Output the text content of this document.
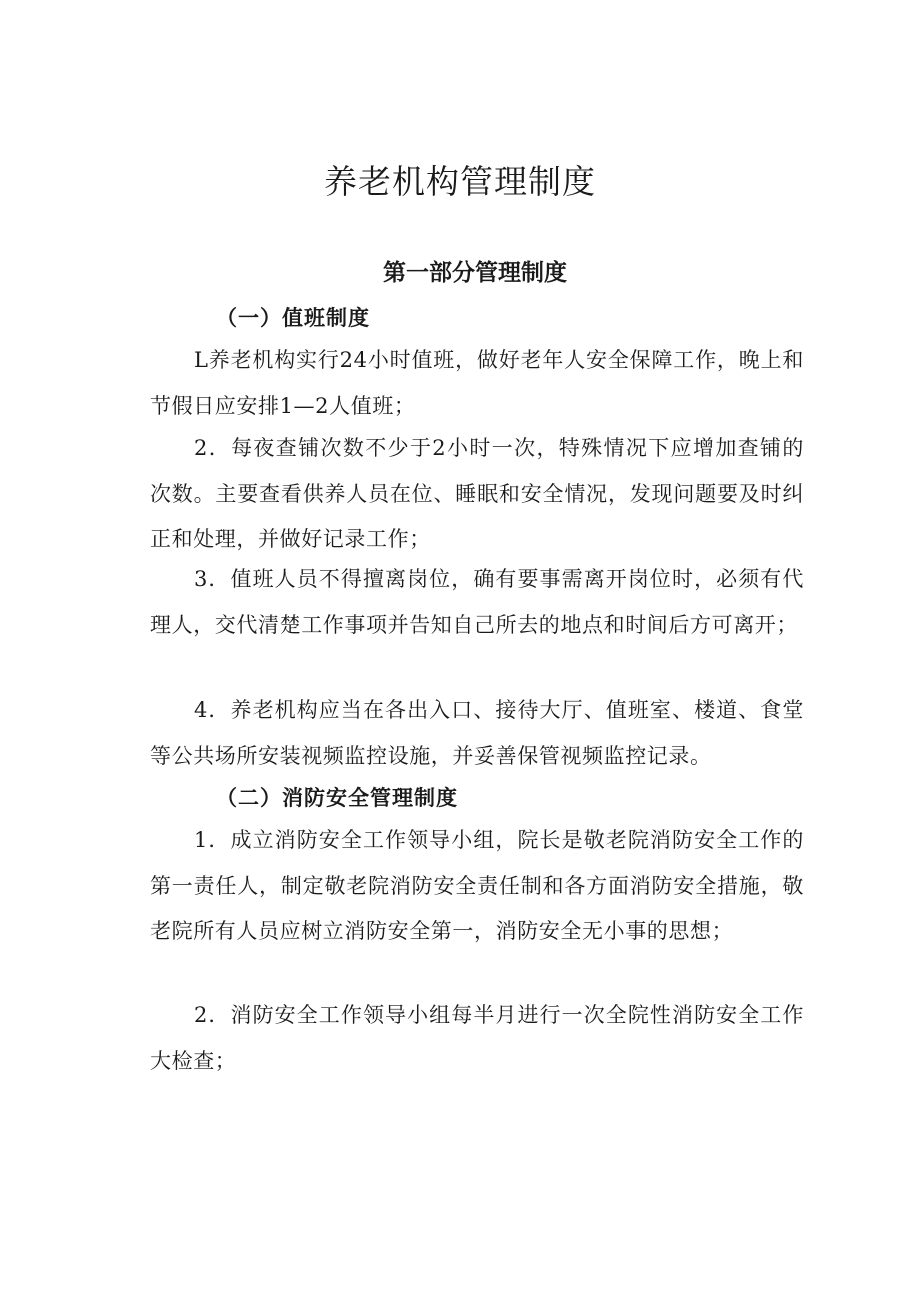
养老机构管理制度
第一部分管理制度
（一）值班制度

L养老机构实行24小时值班，做好老年人安全保障工作，晚上和节假日应安排1—2人值班；

2．每夜查铺次数不少于2小时一次，特殊情况下应增加查铺的次数。主要查看供养人员在位、睡眠和安全情况，发现问题要及时纠正和处理，并做好记录工作；

3．值班人员不得擅离岗位，确有要事需离开岗位时，必须有代理人，交代清楚工作事项并告知自己所去的地点和时间后方可离开；

4．养老机构应当在各出入口、接待大厅、值班室、楼道、食堂等公共场所安装视频监控设施，并妥善保管视频监控记录。

（二）消防安全管理制度

1．成立消防安全工作领导小组，院长是敬老院消防安全工作的第一责任人，制定敬老院消防安全责任制和各方面消防安全措施，敬老院所有人员应树立消防安全第一，消防安全无小事的思想；

2．消防安全工作领导小组每半月进行一次全院性消防安全工作大检查；
